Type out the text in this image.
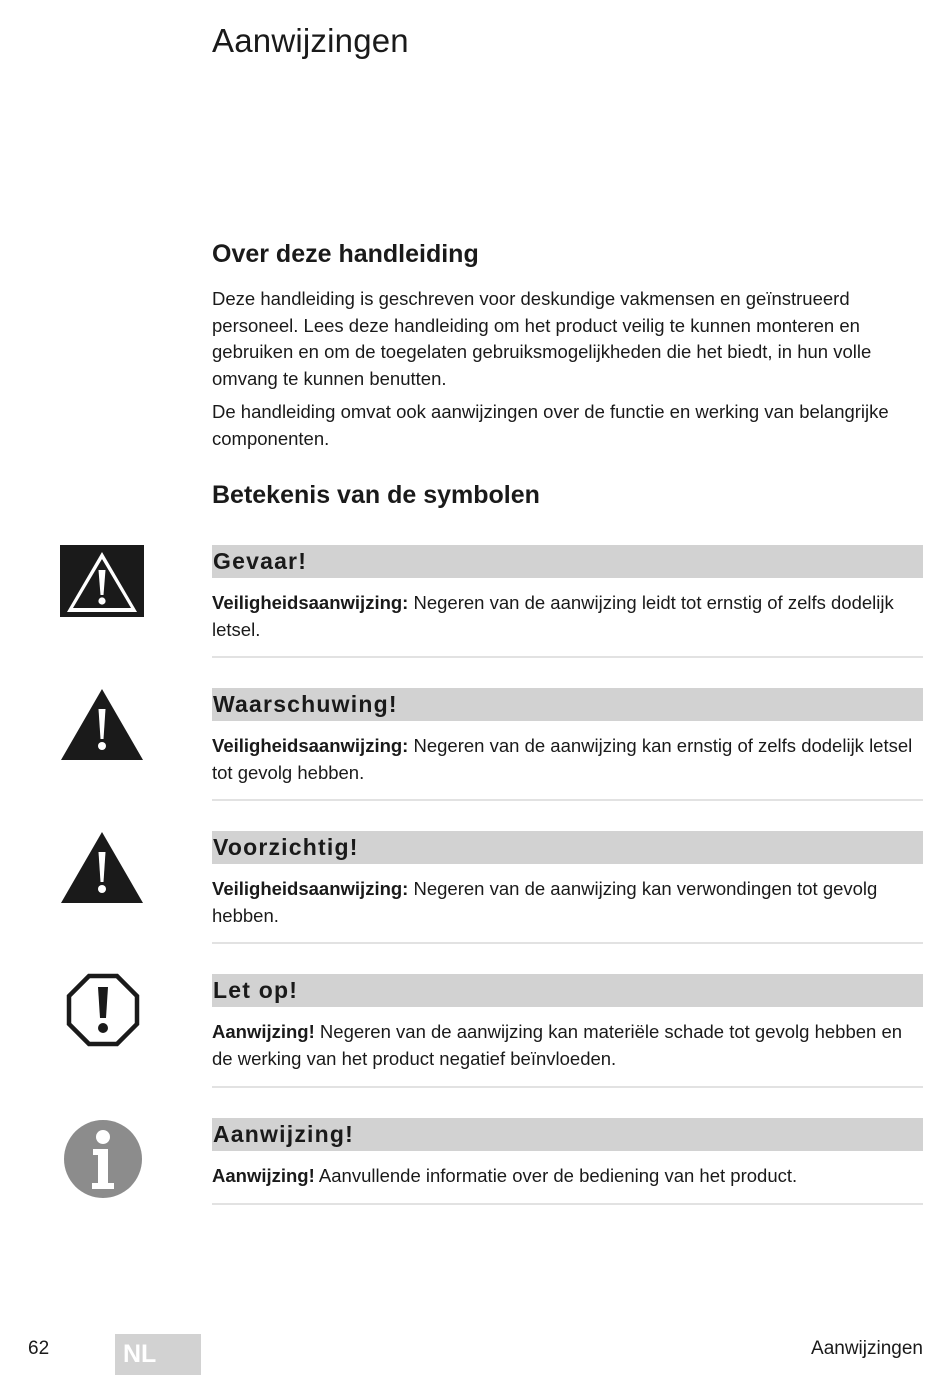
Aanwijzingen
Over deze handleiding

Deze handleiding is geschreven voor deskundige vakmensen en geïnstrueerd personeel. Lees deze handleiding om het product veilig te kunnen monteren en gebruiken en om de toegelaten gebruiksmogelijkheden die het biedt, in hun volle omvang te kunnen benutten.

De handleiding omvat ook aanwijzingen over de functie en werking van belangrijke componenten.

Betekenis van de symbolen
Gevaar!

Veiligheidsaanwijzing: Negeren van de aanwijzing leidt tot ernstig of zelfs dodelijk letsel.

Waarschuwing!

Veiligheidsaanwijzing: Negeren van de aanwijzing kan ernstig of zelfs dodelijk letsel tot gevolg hebben.

Voorzichtig!

Veiligheidsaanwijzing: Negeren van de aanwijzing kan verwondingen tot gevolg hebben.

Let op!

Aanwijzing! Negeren van de aanwijzing kan materiële schade tot gevolg hebben en de werking van het product negatief beïnvloeden.

Aanwijzing!

Aanwijzing! Aanvullende informatie over de bediening van het product.

62	NL	Aanwijzingen
